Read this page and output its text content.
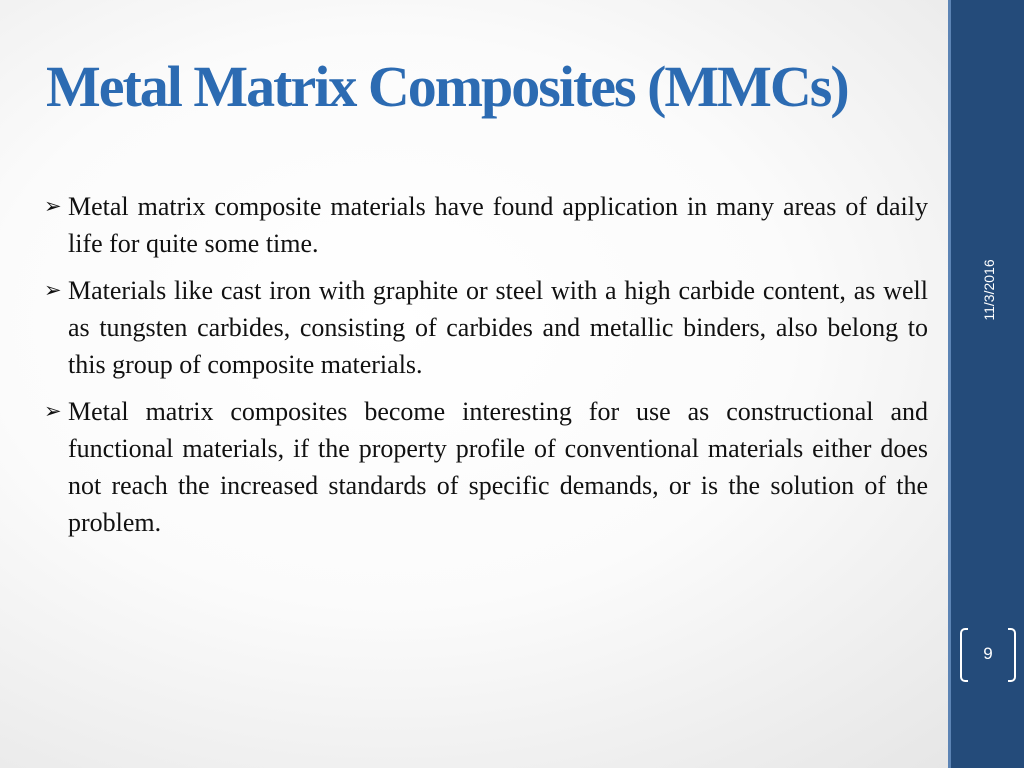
Metal Matrix Composites (MMCs)
➢ Metal matrix composite materials have found application in many areas of daily life for quite some time.
➢ Materials like cast iron with graphite or steel with a high carbide content, as well as tungsten carbides, consisting of carbides and metallic binders, also belong to this group of composite materials.
➢ Metal matrix composites become interesting for use as constructional and functional materials, if the property profile of conventional materials either does not reach the increased standards of specific demands, or is the solution of the problem.
11/3/2016
9
